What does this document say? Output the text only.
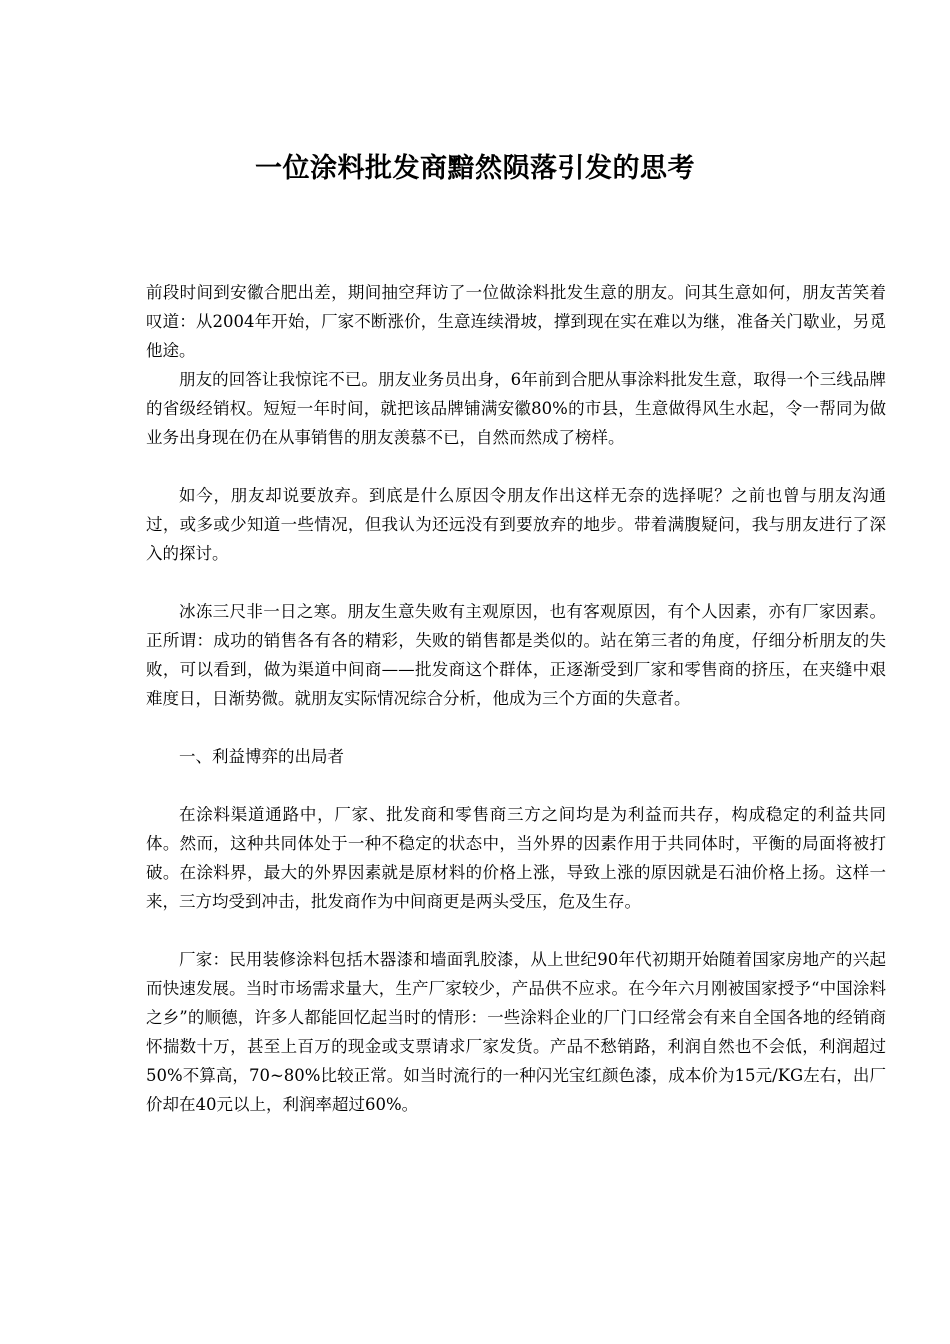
一位涂料批发商黯然陨落引发的思考

前段时间到安徽合肥出差，期间抽空拜访了一位做涂料批发生意的朋友。问其生意如何，朋友苦笑着叹道：从2004年开始，厂家不断涨价，生意连续滑坡，撑到现在实在难以为继，准备关门歇业，另觅他途。

朋友的回答让我惊诧不已。朋友业务员出身，6年前到合肥从事涂料批发生意，取得一个三线品牌的省级经销权。短短一年时间，就把该品牌铺满安徽80%的市县，生意做得风生水起，令一帮同为做业务出身现在仍在从事销售的朋友羡慕不已，自然而然成了榜样。

如今，朋友却说要放弃。到底是什么原因令朋友作出这样无奈的选择呢？之前也曾与朋友沟通过，或多或少知道一些情况，但我认为还远没有到要放弃的地步。带着满腹疑问，我与朋友进行了深入的探讨。

冰冻三尺非一日之寒。朋友生意失败有主观原因，也有客观原因，有个人因素，亦有厂家因素。正所谓：成功的销售各有各的精彩，失败的销售都是类似的。站在第三者的角度，仔细分析朋友的失败，可以看到，做为渠道中间商——批发商这个群体，正逐渐受到厂家和零售商的挤压，在夹缝中艰难度日，日渐势微。就朋友实际情况综合分析，他成为三个方面的失意者。

一、利益博弈的出局者

在涂料渠道通路中，厂家、批发商和零售商三方之间均是为利益而共存，构成稳定的利益共同体。然而，这种共同体处于一种不稳定的状态中，当外界的因素作用于共同体时，平衡的局面将被打破。在涂料界，最大的外界因素就是原材料的价格上涨，导致上涨的原因就是石油价格上扬。这样一来，三方均受到冲击，批发商作为中间商更是两头受压，危及生存。

厂家：民用装修涂料包括木器漆和墙面乳胶漆，从上世纪90年代初期开始随着国家房地产的兴起而快速发展。当时市场需求量大，生产厂家较少，产品供不应求。在今年六月刚被国家授予“中国涂料之乡”的顺德，许多人都能回忆起当时的情形：一些涂料企业的厂门口经常会有来自全国各地的经销商怀揣数十万，甚至上百万的现金或支票请求厂家发货。产品不愁销路，利润自然也不会低，利润超过50%不算高，70~80%比较正常。如当时流行的一种闪光宝红颜色漆，成本价为15元/KG左右，出厂价却在40元以上，利润率超过60%。
